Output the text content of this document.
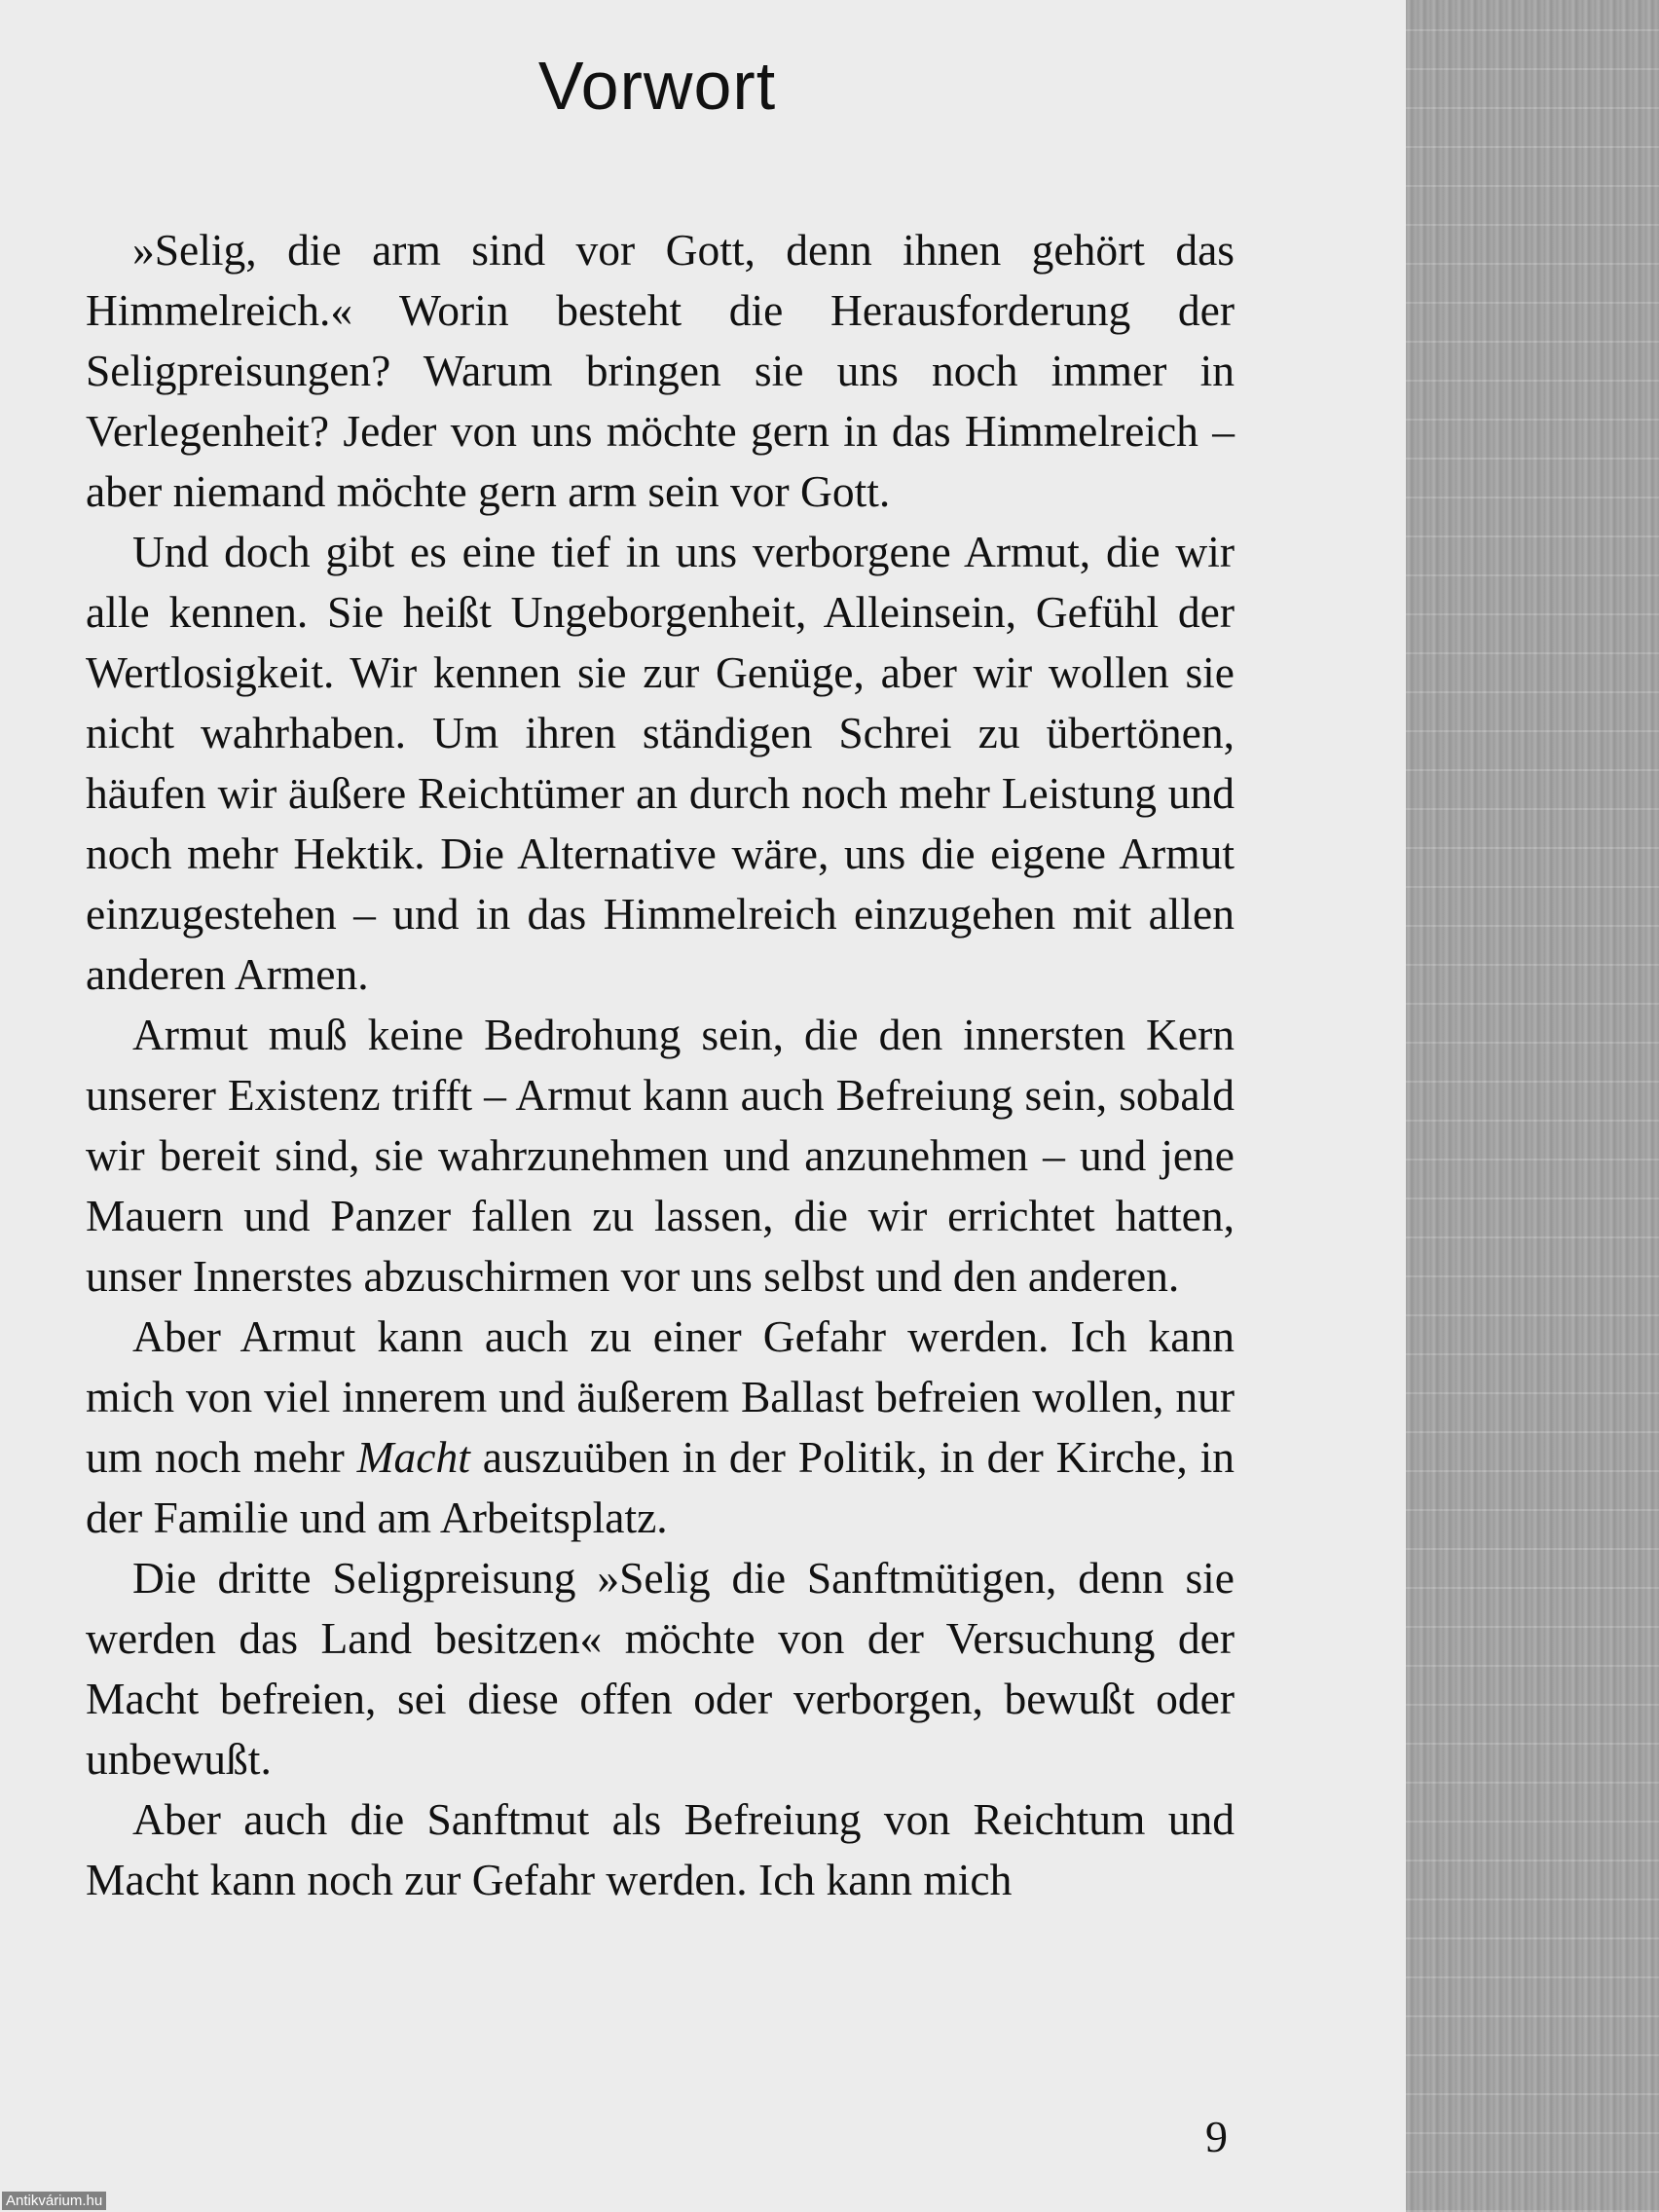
Vorwort

»Selig, die arm sind vor Gott, denn ihnen gehört das Himmelreich.« Worin besteht die Herausforderung der Seligpreisungen? Warum bringen sie uns noch immer in Verlegenheit? Jeder von uns möchte gern in das Himmelreich – aber niemand möchte gern arm sein vor Gott.

Und doch gibt es eine tief in uns verborgene Armut, die wir alle kennen. Sie heißt Ungeborgenheit, Alleinsein, Gefühl der Wertlosigkeit. Wir kennen sie zur Genüge, aber wir wollen sie nicht wahrhaben. Um ihren ständigen Schrei zu übertönen, häufen wir äußere Reichtümer an durch noch mehr Leistung und noch mehr Hektik. Die Alternative wäre, uns die eigene Armut einzugestehen – und in das Himmelreich einzugehen mit allen anderen Armen.

Armut muß keine Bedrohung sein, die den innersten Kern unserer Existenz trifft – Armut kann auch Befreiung sein, sobald wir bereit sind, sie wahrzunehmen und anzunehmen – und jene Mauern und Panzer fallen zu lassen, die wir errichtet hatten, unser Innerstes abzuschirmen vor uns selbst und den anderen.

Aber Armut kann auch zu einer Gefahr werden. Ich kann mich von viel innerem und äußerem Ballast befreien wollen, nur um noch mehr Macht auszuüben in der Politik, in der Kirche, in der Familie und am Arbeitsplatz.

Die dritte Seligpreisung »Selig die Sanftmütigen, denn sie werden das Land besitzen« möchte von der Versuchung der Macht befreien, sei diese offen oder verborgen, bewußt oder unbewußt.

Aber auch die Sanftmut als Befreiung von Reichtum und Macht kann noch zur Gefahr werden. Ich kann mich

9
Antikvárium.hu
